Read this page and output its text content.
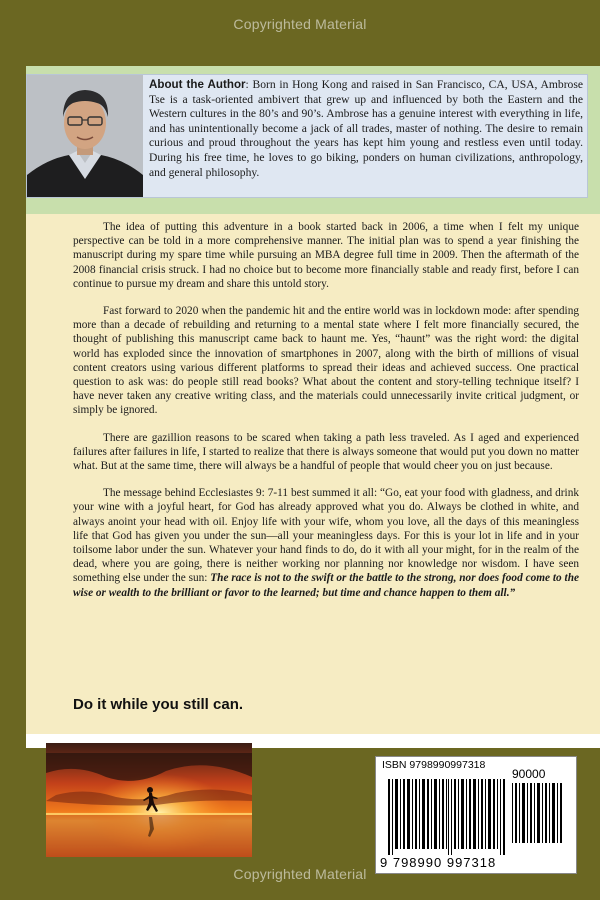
Copyrighted Material
About the Author: Born in Hong Kong and raised in San Francisco, CA, USA, Ambrose Tse is a task-oriented ambivert that grew up and influenced by both the Eastern and the Western cultures in the 80’s and 90’s. Ambrose has a genuine interest with everything in life, and has unintentionally become a jack of all trades, master of nothing. The desire to remain curious and proud throughout the years has kept him young and restless even until today. During his free time, he loves to go biking, ponders on human civilizations, anthropology, and general philosophy.

The idea of putting this adventure in a book started back in 2006, a time when I felt my unique perspective can be told in a more comprehensive manner. The initial plan was to spend a year finishing the manuscript during my spare time while pursuing an MBA degree full time in 2009. Then the aftermath of the 2008 financial crisis struck. I had no choice but to become more financially stable and ready first, before I can continue to pursue my dream and share this untold story.

Fast forward to 2020 when the pandemic hit and the entire world was in lockdown mode: after spending more than a decade of rebuilding and returning to a mental state where I felt more financially secured, the thought of publishing this manuscript came back to haunt me. Yes, “haunt” was the right word: the digital world has exploded since the innovation of smartphones in 2007, along with the birth of millions of visual content creators using various different platforms to spread their ideas and achieved success. One practical question to ask was: do people still read books? What about the content and story-telling technique itself? I have never taken any creative writing class, and the materials could unnecessarily invite critical judgment, or simply be ignored.

There are gazillion reasons to be scared when taking a path less traveled. As I aged and experienced failures after failures in life, I started to realize that there is always someone that would put you down no matter what. But at the same time, there will always be a handful of people that would cheer you on just because.

The message behind Ecclesiastes 9: 7-11 best summed it all: “Go, eat your food with gladness, and drink your wine with a joyful heart, for God has already approved what you do. Always be clothed in white, and always anoint your head with oil. Enjoy life with your wife, whom you love, all the days of this meaningless life that God has given you under the sun—all your meaningless days. For this is your lot in life and in your toilsome labor under the sun. Whatever your hand finds to do, do it with all your might, for in the realm of the dead, where you are going, there is neither working nor planning nor knowledge nor wisdom. I have seen something else under the sun: The race is not to the swift or the battle to the strong, nor does food come to the wise or wealth to the brilliant or favor to the learned; but time and chance happen to them all.”

Do it while you still can.
ISBN 9798990997318
90000
9 798990 997318
Copyrighted Material
